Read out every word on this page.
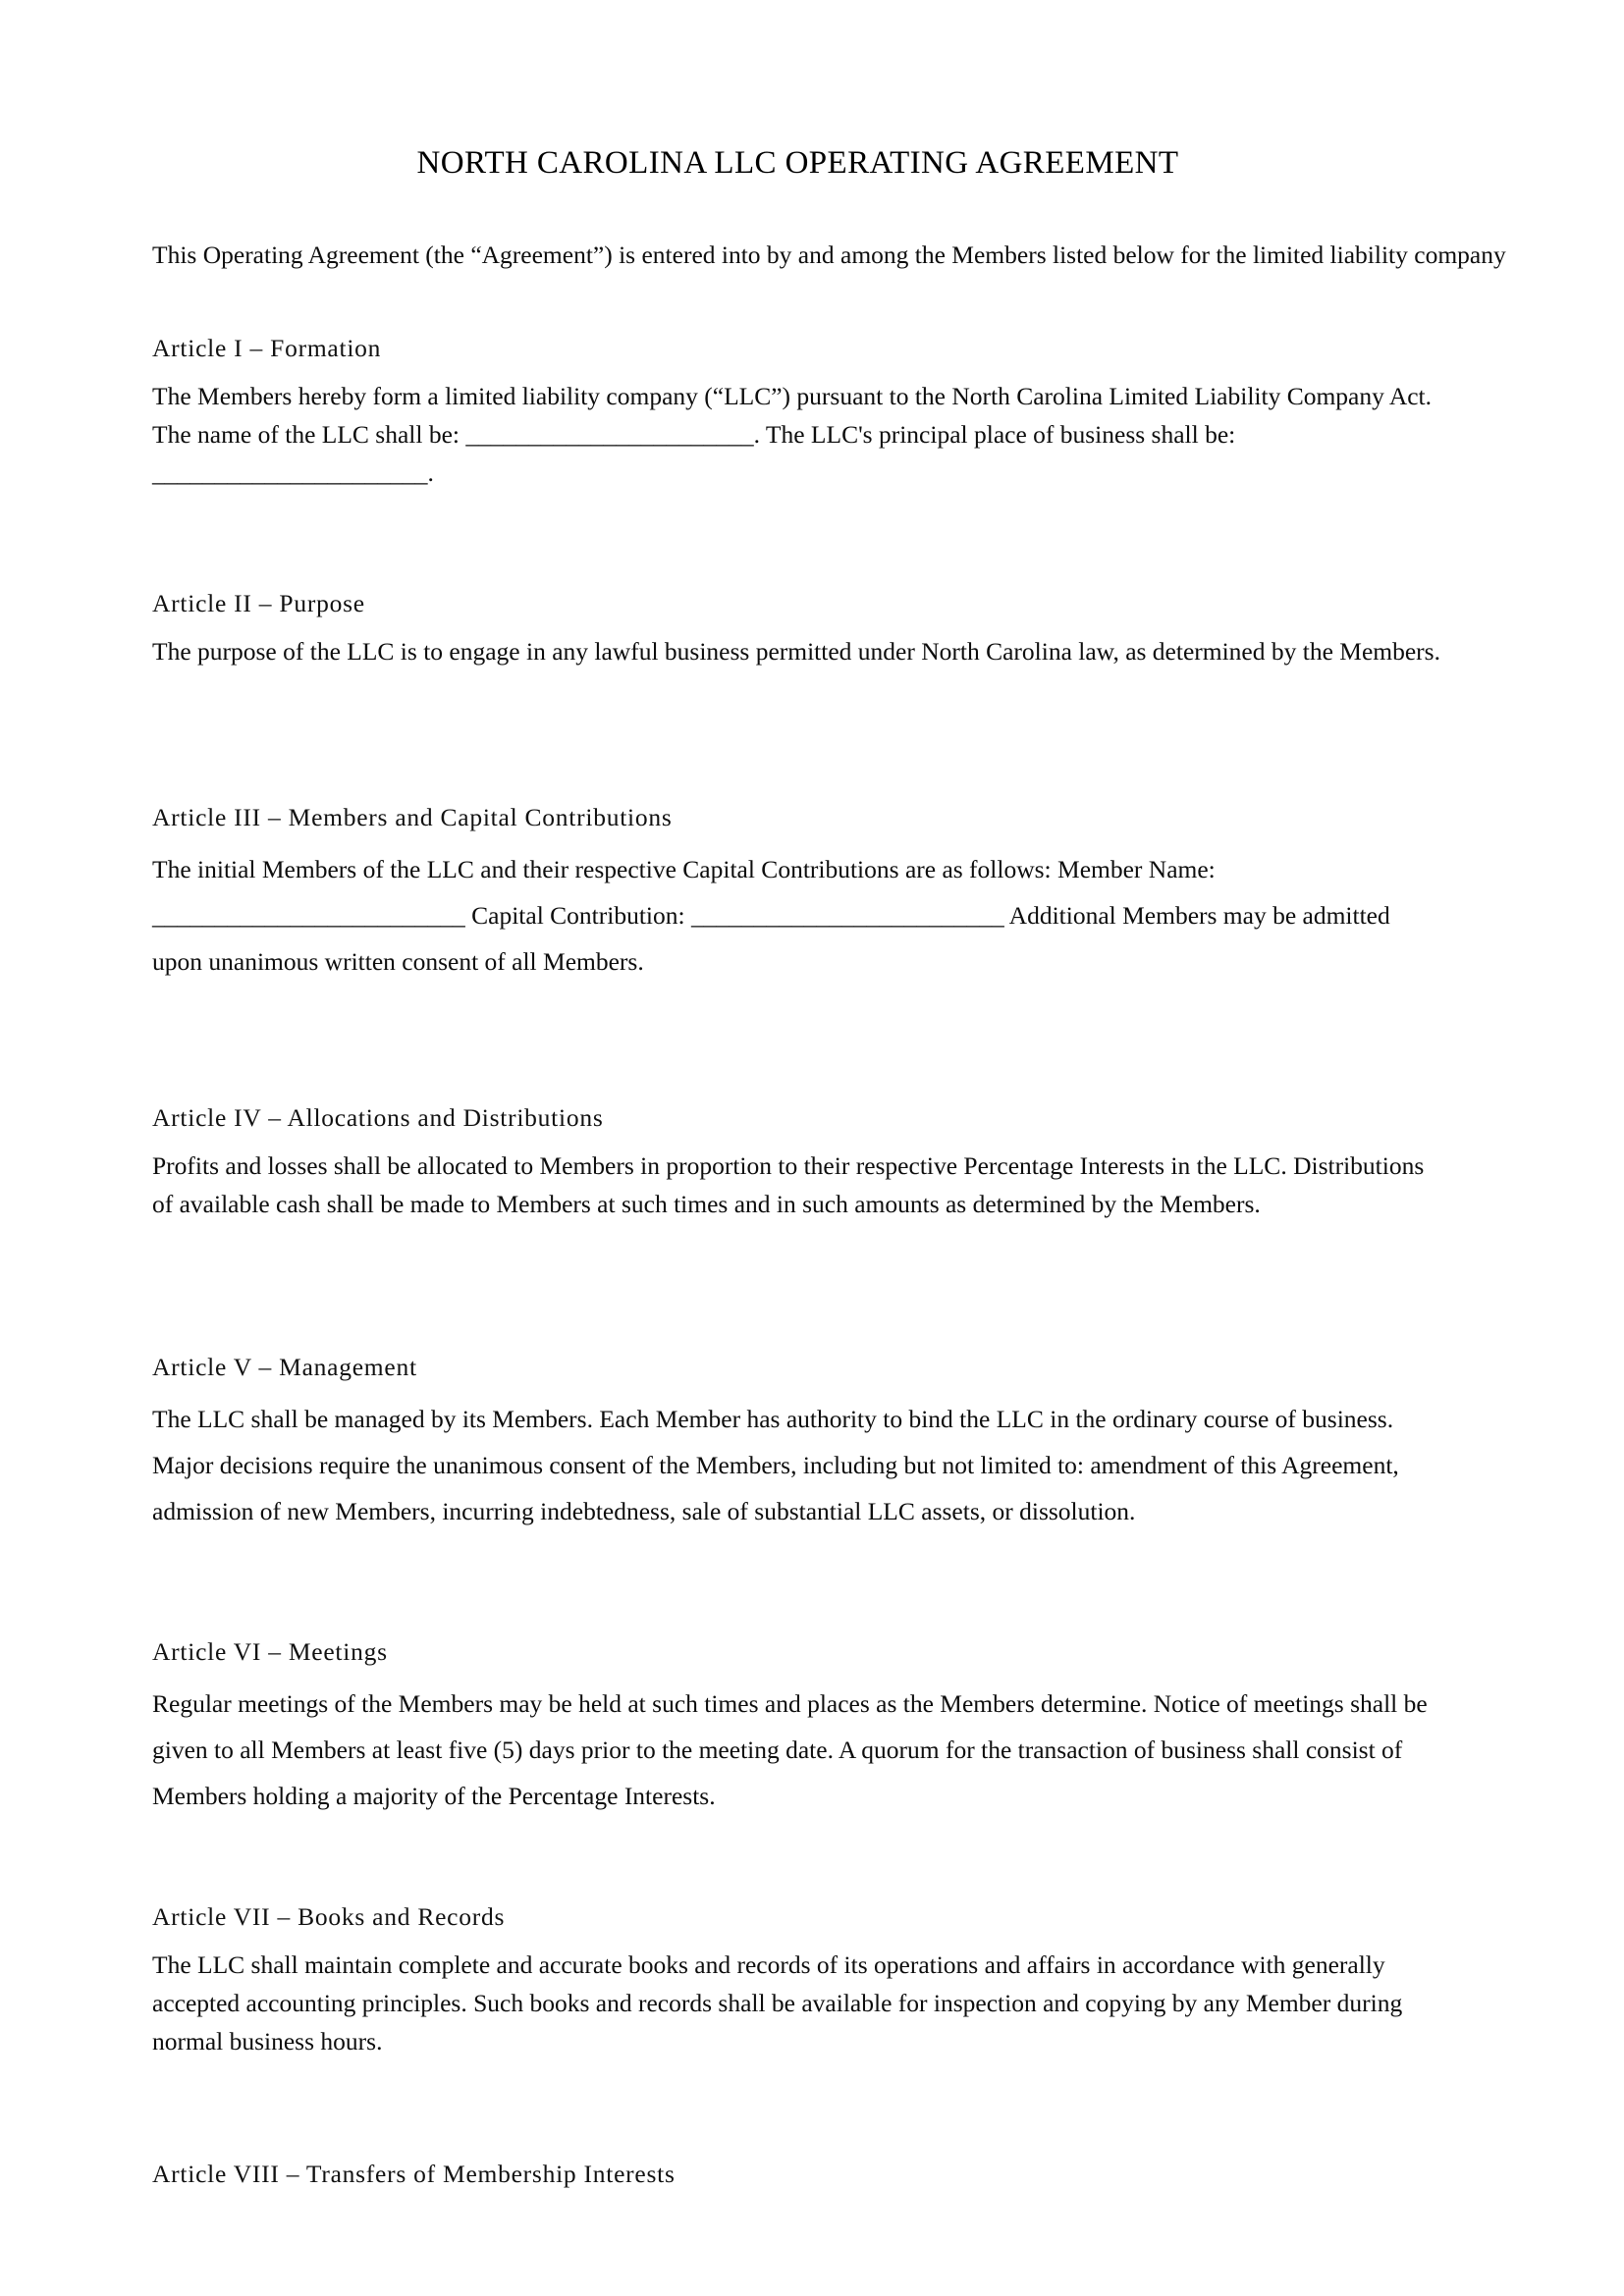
NORTH CAROLINA LLC OPERATING AGREEMENT
This Operating Agreement (the “Agreement”) is entered into by and among the Members listed below for the limited liability company
Article I – Formation
The Members hereby form a limited liability company (“LLC”) pursuant to the North Carolina Limited Liability Company Act. The name of the LLC shall be: _______________________. The LLC's principal place of business shall be: ______________________.
Article II – Purpose
The purpose of the LLC is to engage in any lawful business permitted under North Carolina law, as determined by the Members.
Article III – Members and Capital Contributions
The initial Members of the LLC and their respective Capital Contributions are as follows: Member Name: _________________________ Capital Contribution: _________________________ Additional Members may be admitted upon unanimous written consent of all Members.
Article IV – Allocations and Distributions
Profits and losses shall be allocated to Members in proportion to their respective Percentage Interests in the LLC. Distributions of available cash shall be made to Members at such times and in such amounts as determined by the Members.
Article V – Management
The LLC shall be managed by its Members. Each Member has authority to bind the LLC in the ordinary course of business. Major decisions require the unanimous consent of the Members, including but not limited to: amendment of this Agreement, admission of new Members, incurring indebtedness, sale of substantial LLC assets, or dissolution.
Article VI – Meetings
Regular meetings of the Members may be held at such times and places as the Members determine. Notice of meetings shall be given to all Members at least five (5) days prior to the meeting date. A quorum for the transaction of business shall consist of Members holding a majority of the Percentage Interests.
Article VII – Books and Records
The LLC shall maintain complete and accurate books and records of its operations and affairs in accordance with generally accepted accounting principles. Such books and records shall be available for inspection and copying by any Member during normal business hours.
Article VIII – Transfers of Membership Interests
